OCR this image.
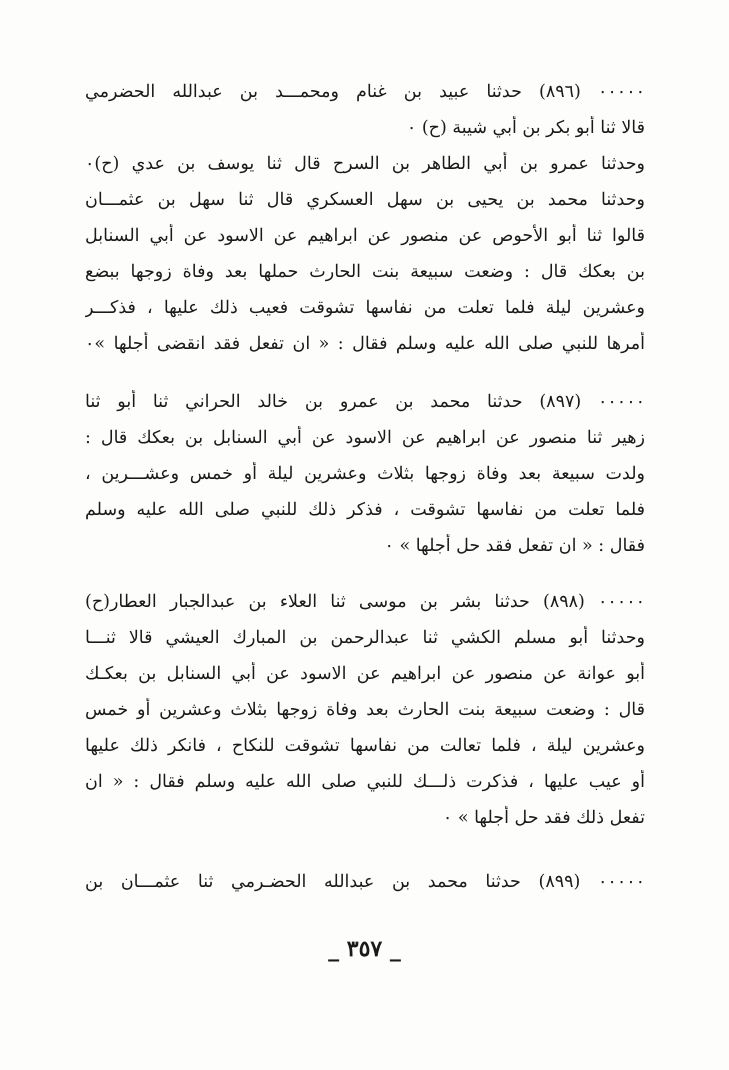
٠٠٠٠٠ (٨٩٦) حدثنا عبيد بن غنام ومحمـــد بن عبدالله الحضرمي
قالا ثنا أبو بكر بن أبي شيبة (ح) ٠
وحدثنا عمرو بن أبي الطاهر بن السرح قال ثنا يوسف بن عدي (ح)٠
وحدثنا محمد بن يحيى بن سهل العسكري قال ثنا سهل بن عثمـــان
قالوا ثنا أبو الأحوص عن منصور عن ابراهيم عن الاسود عن أبي السنابل
بن بعكك قال : وضعت سبيعة بنت الحارث حملها بعد وفاة زوجها ببضع
وعشرين ليلة فلما تعلت من نفاسها تشوقت فعيب ذلك عليها ، فذكـــر
أمرها للنبي صلى الله عليه وسلم فقال : « ان تفعل فقد انقضى أجلها »٠
٠٠٠٠٠ (٨٩٧) حدثنا محمد بن عمرو بن خالد الحراني ثنا أبو ثنا
زهير ثنا منصور عن ابراهيم عن الاسود عن أبي السنابل بن بعكك قال :
ولدت سبيعة بعد وفاة زوجها بثلاث وعشرين ليلة أو خمس وعشـــرين ،
فلما تعلت من نفاسها تشوقت ، فذكر ذلك للنبي صلى الله عليه وسلم
فقال : « ان تفعل فقد حل أجلها » ٠
٠٠٠٠٠ (٨٩٨) حدثنا بشر بن موسى ثنا العلاء بن عبدالجبار العطار(ح)
وحدثنا أبو مسلم الكشي ثنا عبدالرحمن بن المبارك العيشي قالا ثنـــا
أبو عوانة عن منصور عن ابراهيم عن الاسود عن أبي السنابل بن بعكـك
قال : وضعت سبيعة بنت الحارث بعد وفاة زوجها بثلاث وعشرين أو خمس
وعشرين ليلة ، فلما تعالت من نفاسها تشوقت للنكاح ، فانكر ذلك عليها
أو عيب عليها ، فذكرت ذلـــك للنبي صلى الله عليه وسلم فقال : « ان
تفعل ذلك فقد حل أجلها » ٠
٠٠٠٠٠ (٨٩٩) حدثنا محمد بن عبدالله الحضـرمي ثنا عثمـــان بن
_ ٣٥٧ _
